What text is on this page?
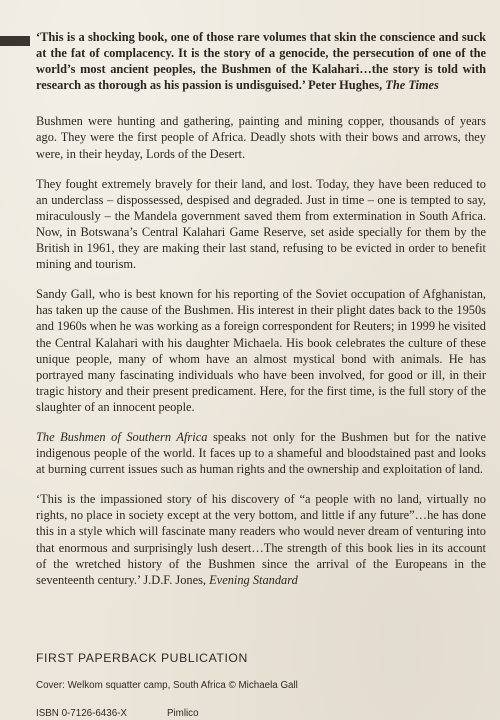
‘This is a shocking book, one of those rare volumes that skin the conscience and suck at the fat of complacency. It is the story of a genocide, the persecution of one of the world’s most ancient peoples, the Bushmen of the Kalahari…the story is told with research as thorough as his passion is undisguised.’ Peter Hughes, The Times

Bushmen were hunting and gathering, painting and mining copper, thousands of years ago. They were the first people of Africa. Deadly shots with their bows and arrows, they were, in their heyday, Lords of the Desert.

They fought extremely bravely for their land, and lost. Today, they have been reduced to an underclass – dispossessed, despised and degraded. Just in time – one is tempted to say, miraculously – the Mandela government saved them from extermination in South Africa. Now, in Botswana’s Central Kalahari Game Reserve, set aside specially for them by the British in 1961, they are making their last stand, refusing to be evicted in order to benefit mining and tourism.

Sandy Gall, who is best known for his reporting of the Soviet occupation of Afghanistan, has taken up the cause of the Bushmen. His interest in their plight dates back to the 1950s and 1960s when he was working as a foreign correspondent for Reuters; in 1999 he visited the Central Kalahari with his daughter Michaela. His book celebrates the culture of these unique people, many of whom have an almost mystical bond with animals. He has portrayed many fascinating individuals who have been involved, for good or ill, in their tragic history and their present predicament. Here, for the first time, is the full story of the slaughter of an innocent people.

The Bushmen of Southern Africa speaks not only for the Bushmen but for the native indigenous people of the world. It faces up to a shameful and bloodstained past and looks at burning current issues such as human rights and the ownership and exploitation of land.

‘This is the impassioned story of his discovery of “a people with no land, virtually no rights, no place in society except at the very bottom, and little if any future”…he has done this in a style which will fascinate many readers who would never dream of venturing into that enormous and surprisingly lush desert…The strength of this book lies in its account of the wretched history of the Bushmen since the arrival of the Europeans in the seventeenth century.’ J.D.F. Jones, Evening Standard

FIRST PAPERBACK PUBLICATION
Cover: Welkom squatter camp, South Africa © Michaela Gall
ISBN 0-7126-6436-X	Pimlico
